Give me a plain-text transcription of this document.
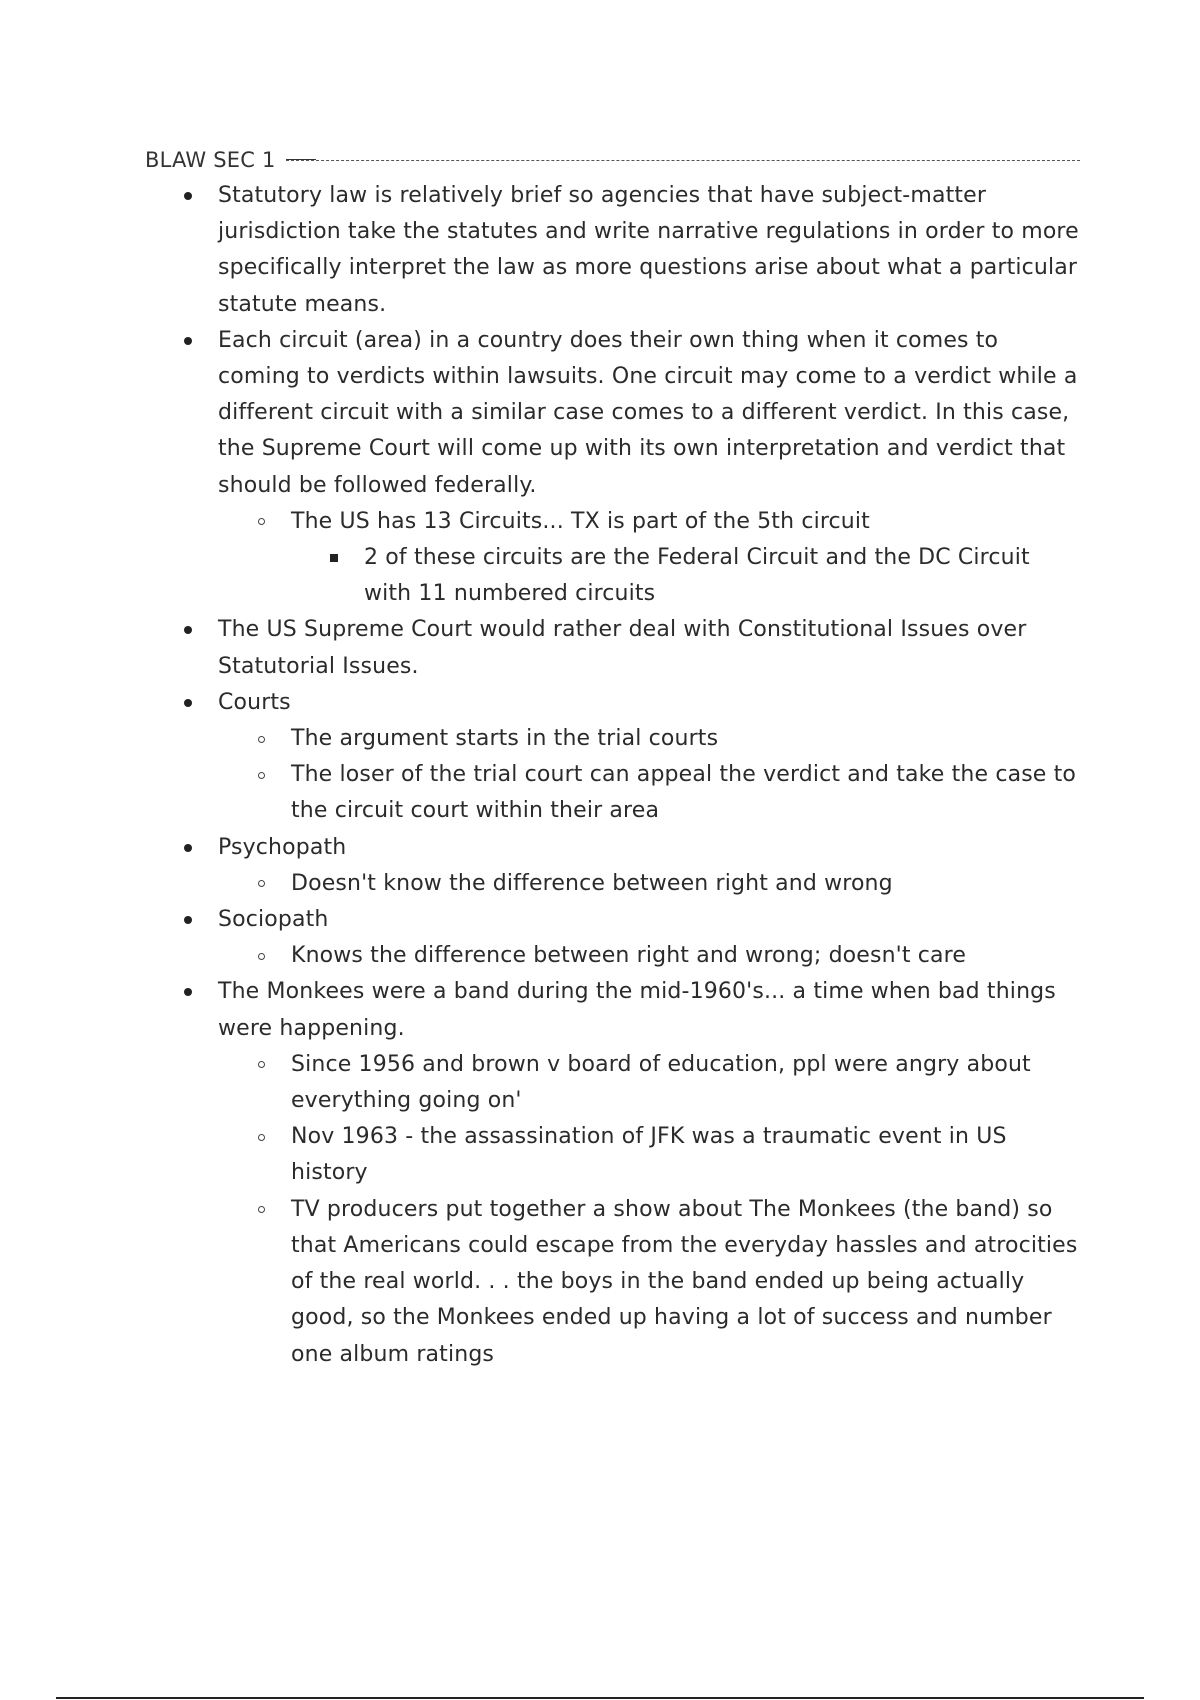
BLAW SEC 1
Statutory law is relatively brief so agencies that have subject-matter jurisdiction take the statutes and write narrative regulations in order to more specifically interpret the law as more questions arise about what a particular statute means.
Each circuit (area) in a country does their own thing when it comes to coming to verdicts within lawsuits. One circuit may come to a verdict while a different circuit with a similar case comes to a different verdict. In this case, the Supreme Court will come up with its own interpretation and verdict that should be followed federally.
The US has 13 Circuits... TX is part of the 5th circuit
2 of these circuits are the Federal Circuit and the DC Circuit with 11 numbered circuits
The US Supreme Court would rather deal with Constitutional Issues over Statutorial Issues.
Courts
The argument starts in the trial courts
The loser of the trial court can appeal the verdict and take the case to the circuit court within their area
Psychopath
Doesn't know the difference between right and wrong
Sociopath
Knows the difference between right and wrong; doesn't care
The Monkees were a band during the mid-1960's... a time when bad things were happening.
Since 1956 and brown v board of education, ppl were angry about everything going on'
Nov 1963 - the assassination of JFK was a traumatic event in US history
TV producers put together a show about The Monkees (the band) so that Americans could escape from the everyday hassles and atrocities of the real world. . . the boys in the band ended up being actually good, so the Monkees ended up having a lot of success and number one album ratings
